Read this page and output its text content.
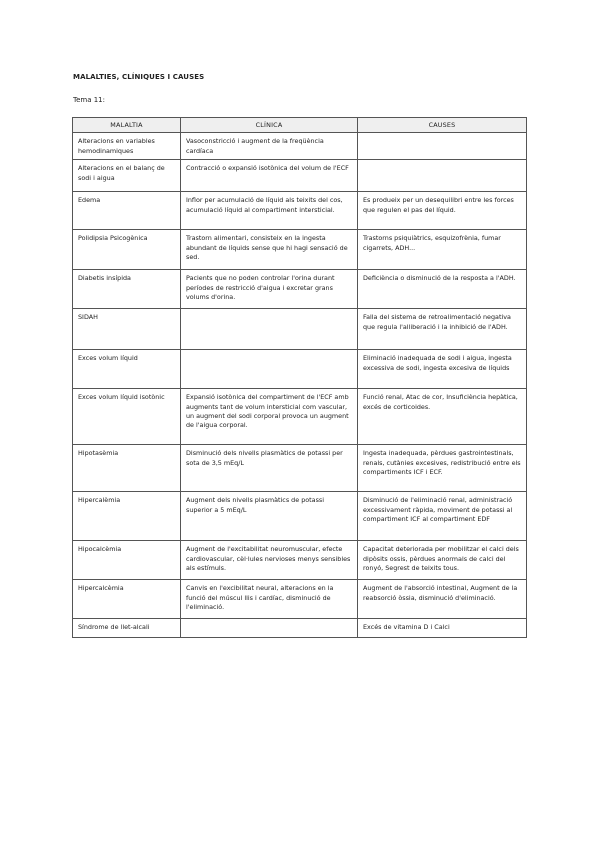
MALALTIES, CLÍNIQUES I CAUSES
Tema 11:
MALALTIA	CLÍNICA	CAUSES
Alteracions en variables hemodinamiques	Vasoconstricció i augment de la freqüència cardíaca	
Alteracions en el balanç de sodi i aigua	Contracció o expansió isotònica del volum de l'ECF	
Edema	Inflor per acumulació de líquid als teixits del cos, acumulació líquid al compartiment intersticial.	Es produeix per un desequilibri entre les forces que regulen el pas del líquid.
Polidipsia Psicogènica	Trastorn alimentari, consisteix en la ingesta abundant de líquids sense que hi hagi sensació de sed.	Trastorns psiquiàtrics, esquizofrènia, fumar cigarrets, ADH...
Diabetis insípida	Pacients que no poden controlar l'orina durant períodes de restricció d'aigua i excretar grans volums d'orina.	Deficiència o disminució de la resposta a l'ADH.
SIDAH		Falla del sistema de retroalimentació negativa que regula l'alliberació i la inhibició de l'ADH.
Exces volum líquid		Eliminació inadequada de sodi i aigua, ingesta excessiva de sodi, ingesta excesiva de líquids
Exces volum líquid isotònic	Expansió isotònica del compartiment de l'ECF amb augments tant de volum intersticial com vascular, un augment del sodi corporal provoca un augment de l'aigua corporal.	Funció renal, Atac de cor, Insuficiència hepàtica, excés de corticoides.
Hipotasèmia	Disminució dels nivells plasmàtics de potassi per sota de 3,5 mEq/L	Ingesta inadequada, pèrdues gastrointestinals, renals, cutànies excesives, redistribució entre els compartiments ICF i ECF.
Hipercalèmia	Augment dels nivells plasmàtics de potassi superior a 5 mEq/L	Disminució de l'eliminació renal, administració excessivament ràpida, moviment de potassi al compartiment ICF al compartiment EDF
Hipocalcèmia	Augment de l'excitabilitat neuromuscular, efecte cardiovascular, cèl·lules nervioses menys sensibles als estímuls.	Capacitat deteriorada per mobilitzar el calci dels dipòsits ossis, pèrdues anormals de calci del ronyó, Segrest de teixits tous.
Hipercalcèmia	Canvis en l'excibilitat neural, alteracions en la funció del múscul llis i cardíac, disminució de l'eliminació.	Augment de l'absorció intestinal, Augment de la reabsorció òssia, disminució d'eliminació.
Síndrome de llet-alcali		Excés de vitamina D i Calci
